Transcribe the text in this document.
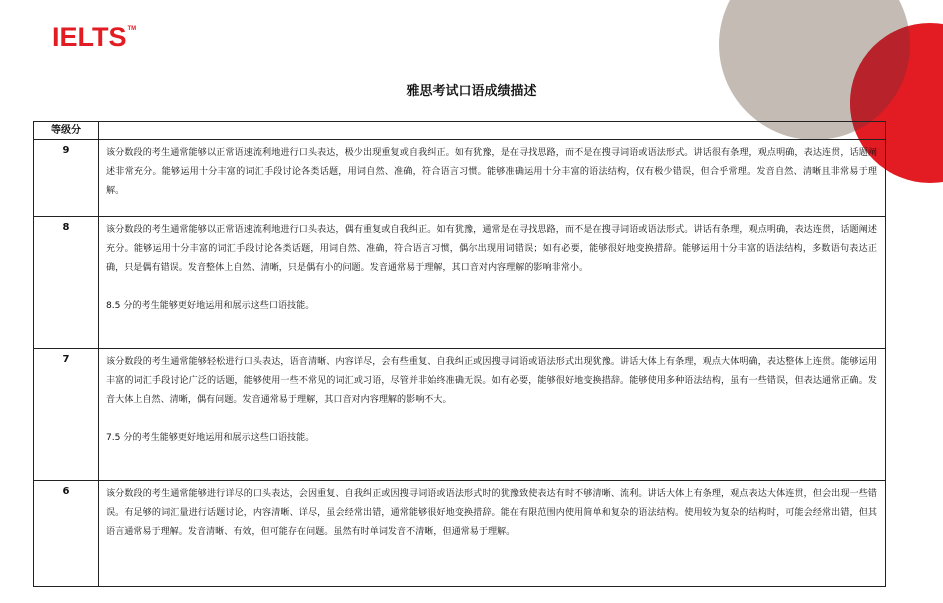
IELTS™
雅思考试口语成绩描述
等级分	
9	该分数段的考生通常能够以正常语速流利地进行口头表达，极少出现重复或自我纠正。如有犹豫，是在寻找思路，而不是在搜寻词语或语法形式。讲话很有条理，观点明确，表达连贯，话题阐述非常充分。能够运用十分丰富的词汇手段讨论各类话题，用词自然、准确，符合语言习惯。能够准确运用十分丰富的语法结构，仅有极少错误，但合乎常理。发音自然、清晰且非常易于理解。

8	该分数段的考生通常能够以正常语速流利地进行口头表达，偶有重复或自我纠正。如有犹豫，通常是在寻找思路，而不是在搜寻词语或语法形式。讲话有条理，观点明确，表达连贯，话题阐述充分。能够运用十分丰富的词汇手段讨论各类话题，用词自然、准确，符合语言习惯，偶尔出现用词错误；如有必要，能够很好地变换措辞。能够运用十分丰富的语法结构，多数语句表达正确，只是偶有错误。发音整体上自然、清晰，只是偶有小的问题。发音通常易于理解，其口音对内容理解的影响非常小。

8.5 分的考生能够更好地运用和展示这些口语技能。

7	该分数段的考生通常能够轻松进行口头表达，语音清晰、内容详尽，会有些重复、自我纠正或因搜寻词语或语法形式出现犹豫。讲话大体上有条理，观点大体明确，表达整体上连贯。能够运用丰富的词汇手段讨论广泛的话题，能够使用一些不常见的词汇或习语，尽管并非始终准确无误。如有必要，能够很好地变换措辞。能够使用多种语法结构，虽有一些错误，但表达通常正确。发音大体上自然、清晰，偶有问题。发音通常易于理解，其口音对内容理解的影响不大。

7.5 分的考生能够更好地运用和展示这些口语技能。

6	该分数段的考生通常能够进行详尽的口头表达，会因重复、自我纠正或因搜寻词语或语法形式时的犹豫致使表达有时不够清晰、流利。讲话大体上有条理，观点表达大体连贯，但会出现一些错误。有足够的词汇量进行话题讨论，内容清晰、详尽，虽会经常出错，通常能够很好地变换措辞。能在有限范围内使用简单和复杂的语法结构。使用较为复杂的结构时，可能会经常出错，但其语言通常易于理解。发音清晰、有效，但可能存在问题。虽然有时单词发音不清晰，但通常易于理解。
